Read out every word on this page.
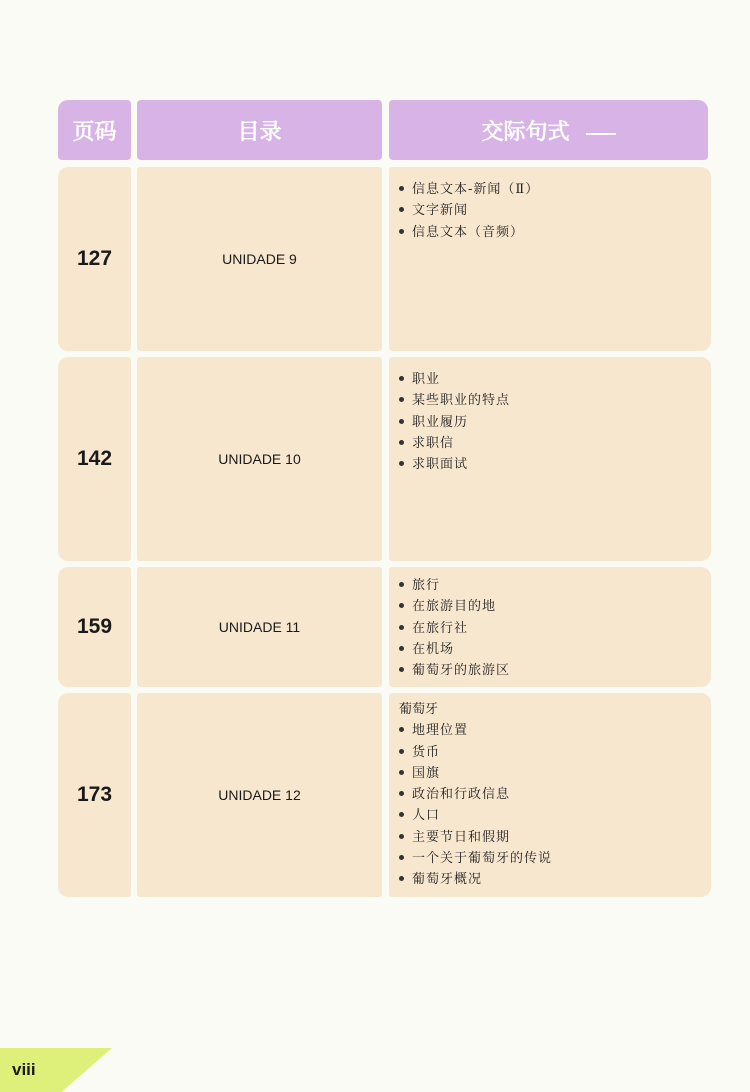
页码	目录	交际句式
127	UNIDADE 9
信息文本-新闻（Ⅱ）
文字新闻
信息文本（音频）
142	UNIDADE 10
职业
某些职业的特点
职业履历
求职信
求职面试
159	UNIDADE 11
旅行
在旅游目的地
在旅行社
在机场
葡萄牙的旅游区
173	UNIDADE 12
葡萄牙
地理位置
货币
国旗
政治和行政信息
人口
主要节日和假期
一个关于葡萄牙的传说
葡萄牙概况
viii
